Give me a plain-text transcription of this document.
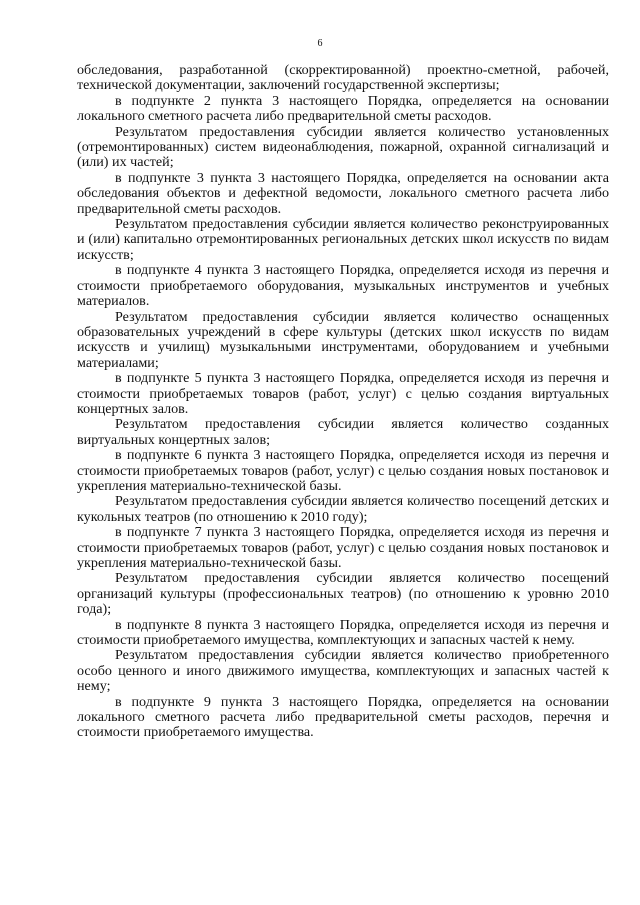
6

обследования, разработанной (скорректированной) проектно-сметной, рабочей, технической документации, заключений государственной экспертизы;

в подпункте 2 пункта 3 настоящего Порядка, определяется на основании локального сметного расчета либо предварительной сметы расходов.

Результатом предоставления субсидии является количество установленных (отремонтированных) систем видеонаблюдения, пожарной, охранной сигнализаций и (или) их частей;

в подпункте 3 пункта 3 настоящего Порядка, определяется на основании акта обследования объектов и дефектной ведомости, локального сметного расчета либо предварительной сметы расходов.

Результатом предоставления субсидии является количество реконструированных и (или) капитально отремонтированных региональных детских школ искусств по видам искусств;

в подпункте 4 пункта 3 настоящего Порядка, определяется исходя из перечня и стоимости приобретаемого оборудования, музыкальных инструментов и учебных материалов.

Результатом предоставления субсидии является количество оснащенных образовательных учреждений в сфере культуры (детских школ искусств по видам искусств и училищ) музыкальными инструментами, оборудованием и учебными материалами;

в подпункте 5 пункта 3 настоящего Порядка, определяется исходя из перечня и стоимости приобретаемых товаров (работ, услуг) с целью создания виртуальных концертных залов.

Результатом предоставления субсидии является количество созданных виртуальных концертных залов;

в подпункте 6 пункта 3 настоящего Порядка, определяется исходя из перечня и стоимости приобретаемых товаров (работ, услуг) с целью создания новых постановок и укрепления материально-технической базы.

Результатом предоставления субсидии является количество посещений детских и кукольных театров (по отношению к 2010 году);

в подпункте 7 пункта 3 настоящего Порядка, определяется исходя из перечня и стоимости приобретаемых товаров (работ, услуг) с целью создания новых постановок и укрепления материально-технической базы.

Результатом предоставления субсидии является количество посещений организаций культуры (профессиональных театров) (по отношению к уровню 2010 года);

в подпункте 8 пункта 3 настоящего Порядка, определяется исходя из перечня и стоимости приобретаемого имущества, комплектующих и запасных частей к нему.

Результатом предоставления субсидии является количество приобретенного особо ценного и иного движимого имущества, комплектующих и запасных частей к нему;

в подпункте 9 пункта 3 настоящего Порядка, определяется на основании локального сметного расчета либо предварительной сметы расходов, перечня и стоимости приобретаемого имущества.
